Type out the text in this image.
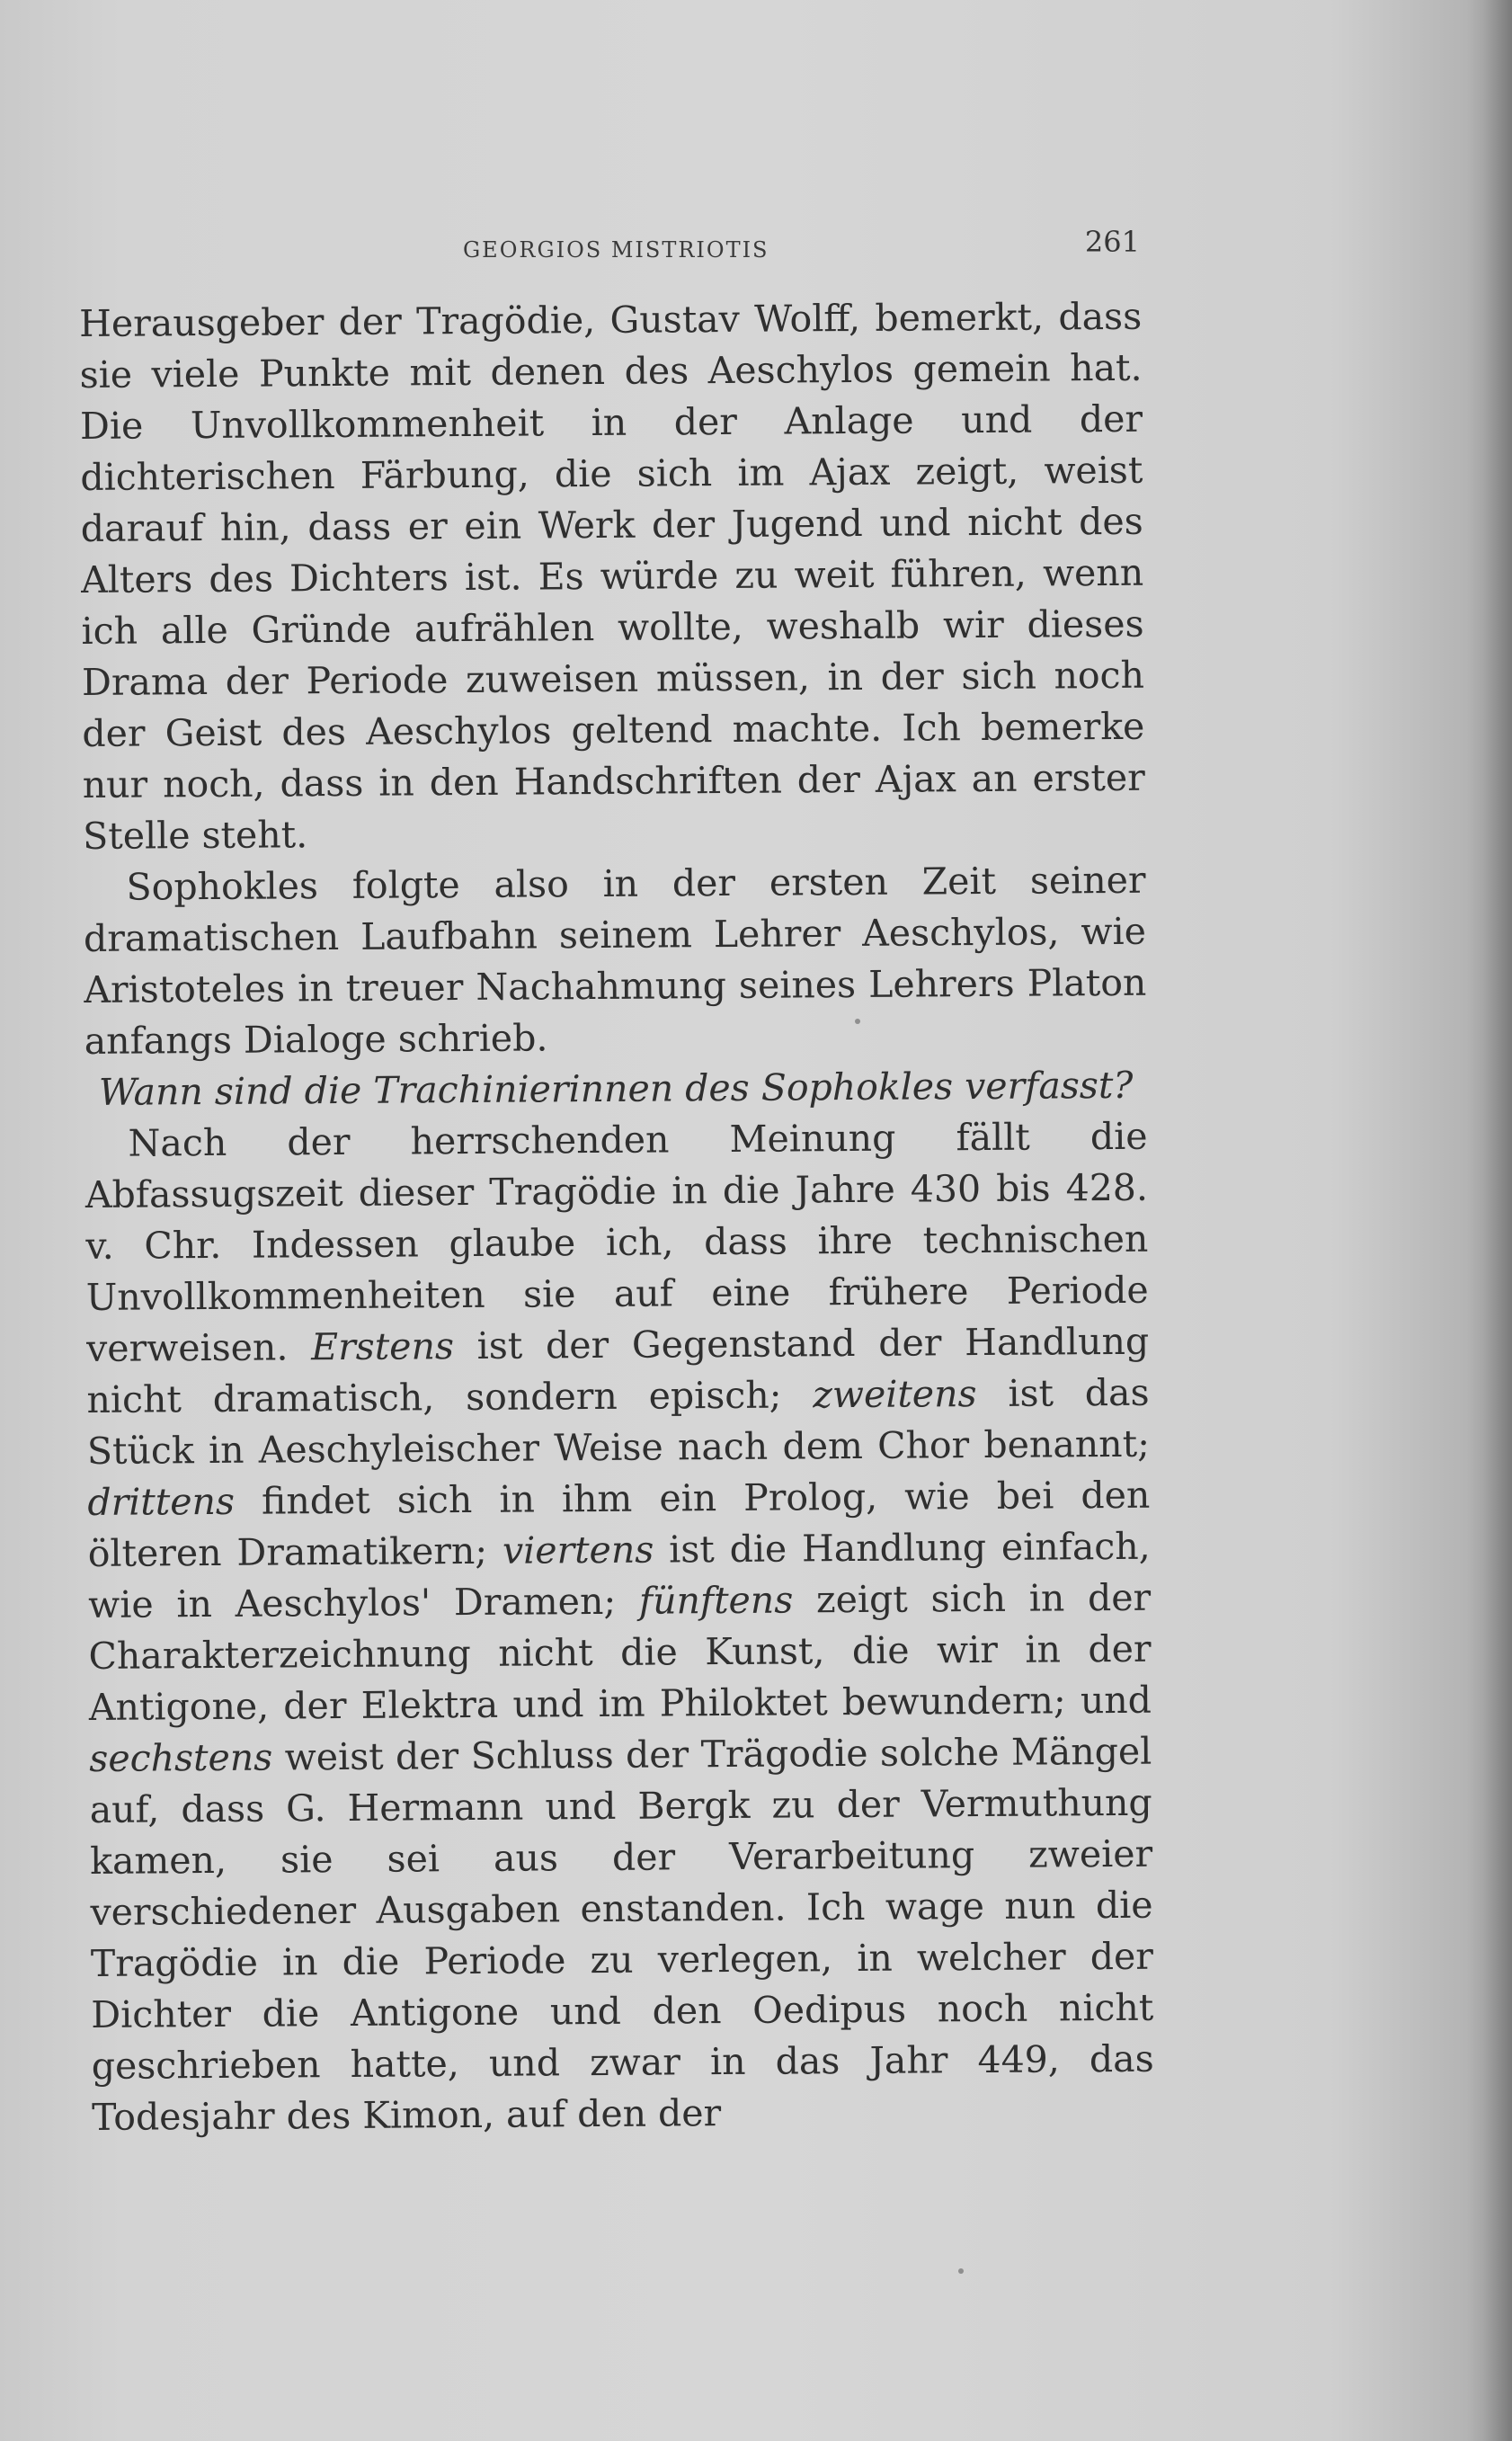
GEORGIOS MISTRIOTIS	261

Herausgeber der Tragödie, Gustav Wolff, bemerkt, dass sie viele Punkte mit denen des Aeschylos gemein hat. Die Unvollkommenheit in der Anlage und der dichterischen Färbung, die sich im Ajax zeigt, weist darauf hin, dass er ein Werk der Jugend und nicht des Alters des Dichters ist. Es würde zu weit führen, wenn ich alle Gründe aufrählen wollte, weshalb wir dieses Drama der Periode zuweisen müssen, in der sich noch der Geist des Aeschylos geltend machte. Ich bemerke nur noch, dass in den Handschriften der Ajax an erster Stelle steht.

Sophokles folgte also in der ersten Zeit seiner dramatischen Laufbahn seinem Lehrer Aeschylos, wie Aristoteles in treuer Nachahmung seines Lehrers Platon anfangs Dialoge schrieb.

Wann sind die Trachinierinnen des Sophokles verfasst?

Nach der herrschenden Meinung fällt die Abfassugszeit dieser Tragödie in die Jahre 430 bis 428. v. Chr. Indessen glaube ich, dass ihre technischen Unvollkommenheiten sie auf eine frühere Periode verweisen. Erstens ist der Gegenstand der Handlung nicht dramatisch, sondern episch; zweitens ist das Stück in Aeschyleischer Weise nach dem Chor benannt; drittens findet sich in ihm ein Prolog, wie bei den ölteren Dramatikern; viertens ist die Handlung einfach, wie in Aeschylos' Dramen; fünftens zeigt sich in der Charakterzeichnung nicht die Kunst, die wir in der Antigone, der Elektra und im Philoktet bewundern; und sechstens weist der Schluss der Trägodie solche Mängel auf, dass G. Hermann und Bergk zu der Vermuthung kamen, sie sei aus der Verarbeitung zweier verschiedener Ausgaben enstanden. Ich wage nun die Tragödie in die Periode zu verlegen, in welcher der Dichter die Antigone und den Oedipus noch nicht geschrieben hatte, und zwar in das Jahr 449, das Todesjahr des Kimon, auf den der
